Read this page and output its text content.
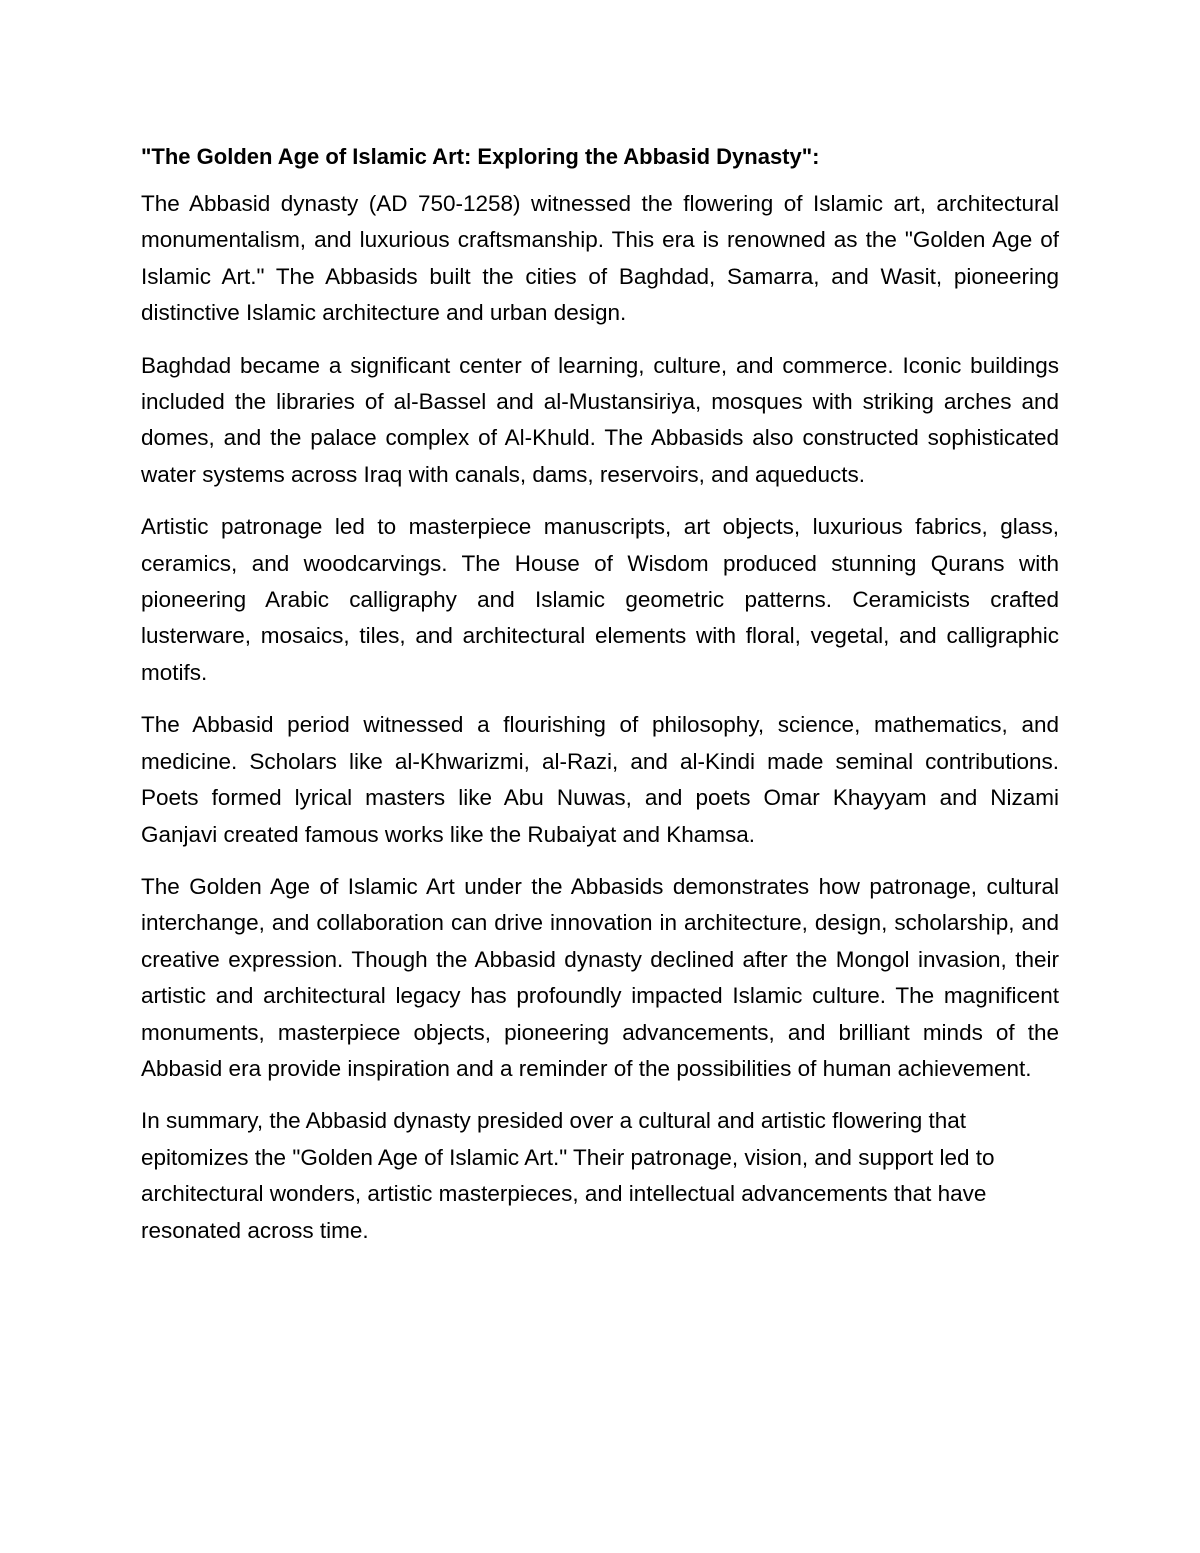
"The Golden Age of Islamic Art: Exploring the Abbasid Dynasty":

The Abbasid dynasty (AD 750-1258) witnessed the flowering of Islamic art, architectural monumentalism, and luxurious craftsmanship. This era is renowned as the "Golden Age of Islamic Art." The Abbasids built the cities of Baghdad, Samarra, and Wasit, pioneering distinctive Islamic architecture and urban design.

Baghdad became a significant center of learning, culture, and commerce. Iconic buildings included the libraries of al-Bassel and al-Mustansiriya, mosques with striking arches and domes, and the palace complex of Al-Khuld. The Abbasids also constructed sophisticated water systems across Iraq with canals, dams, reservoirs, and aqueducts.

Artistic patronage led to masterpiece manuscripts, art objects, luxurious fabrics, glass, ceramics, and woodcarvings. The House of Wisdom produced stunning Qurans with pioneering Arabic calligraphy and Islamic geometric patterns. Ceramicists crafted lusterware, mosaics, tiles, and architectural elements with floral, vegetal, and calligraphic motifs.

The Abbasid period witnessed a flourishing of philosophy, science, mathematics, and medicine. Scholars like al-Khwarizmi, al-Razi, and al-Kindi made seminal contributions. Poets formed lyrical masters like Abu Nuwas, and poets Omar Khayyam and Nizami Ganjavi created famous works like the Rubaiyat and Khamsa.

The Golden Age of Islamic Art under the Abbasids demonstrates how patronage, cultural interchange, and collaboration can drive innovation in architecture, design, scholarship, and creative expression. Though the Abbasid dynasty declined after the Mongol invasion, their artistic and architectural legacy has profoundly impacted Islamic culture. The magnificent monuments, masterpiece objects, pioneering advancements, and brilliant minds of the Abbasid era provide inspiration and a reminder of the possibilities of human achievement.

In summary, the Abbasid dynasty presided over a cultural and artistic flowering that epitomizes the "Golden Age of Islamic Art." Their patronage, vision, and support led to architectural wonders, artistic masterpieces, and intellectual advancements that have resonated across time.
